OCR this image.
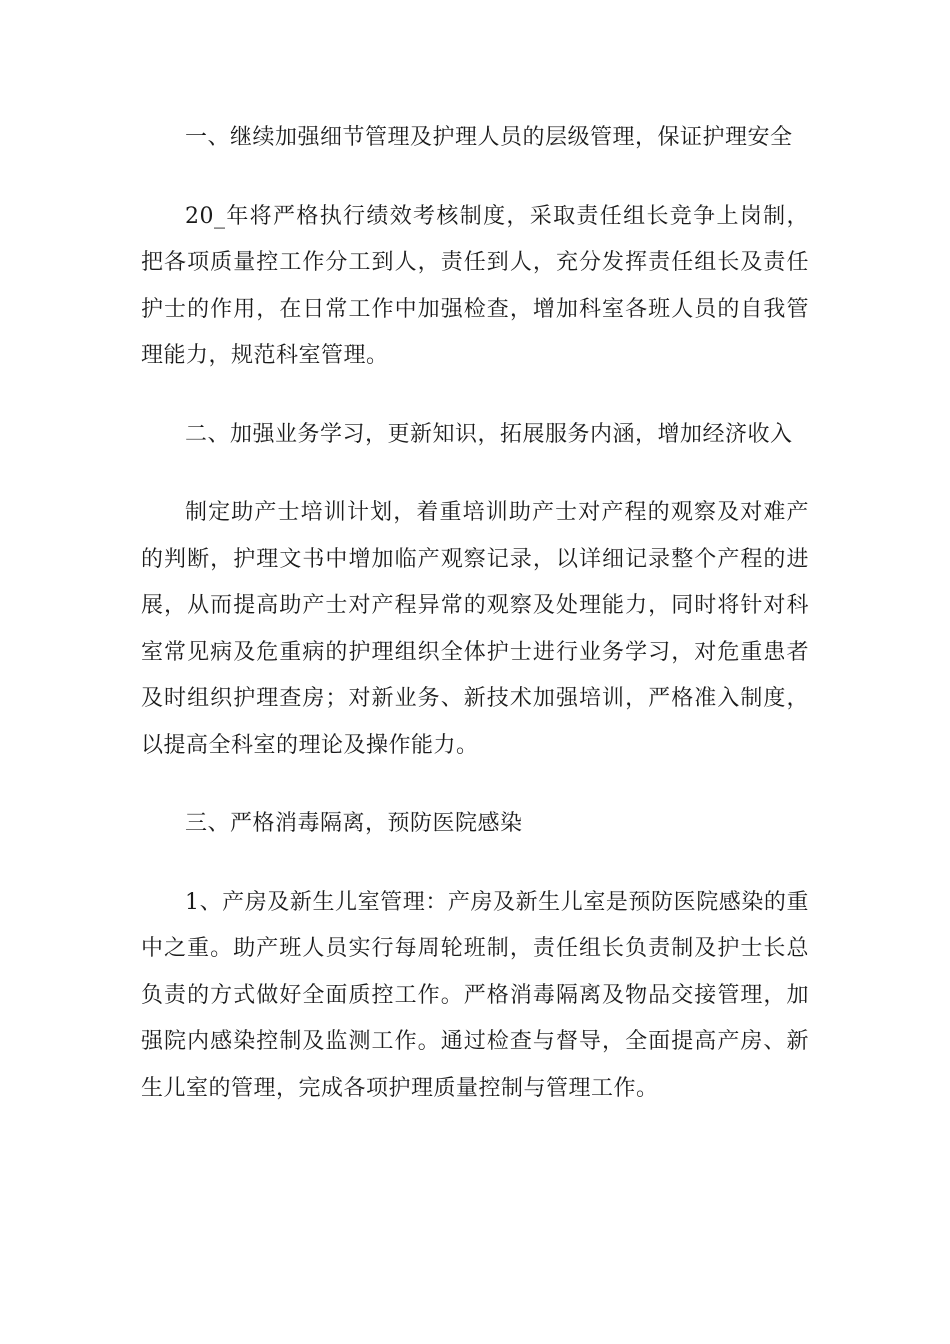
一、继续加强细节管理及护理人员的层级管理，保证护理安全

20_年将严格执行绩效考核制度，采取责任组长竞争上岗制，把各项质量控工作分工到人，责任到人，充分发挥责任组长及责任护士的作用，在日常工作中加强检查，增加科室各班人员的自我管理能力，规范科室管理。

二、加强业务学习，更新知识，拓展服务内涵，增加经济收入

制定助产士培训计划，着重培训助产士对产程的观察及对难产的判断，护理文书中增加临产观察记录，以详细记录整个产程的进展，从而提高助产士对产程异常的观察及处理能力，同时将针对科室常见病及危重病的护理组织全体护士进行业务学习，对危重患者及时组织护理查房；对新业务、新技术加强培训，严格准入制度，以提高全科室的理论及操作能力。

三、严格消毒隔离，预防医院感染

1、产房及新生儿室管理：产房及新生儿室是预防医院感染的重中之重。助产班人员实行每周轮班制，责任组长负责制及护士长总负责的方式做好全面质控工作。严格消毒隔离及物品交接管理，加强院内感染控制及监测工作。通过检查与督导，全面提高产房、新生儿室的管理，完成各项护理质量控制与管理工作。
